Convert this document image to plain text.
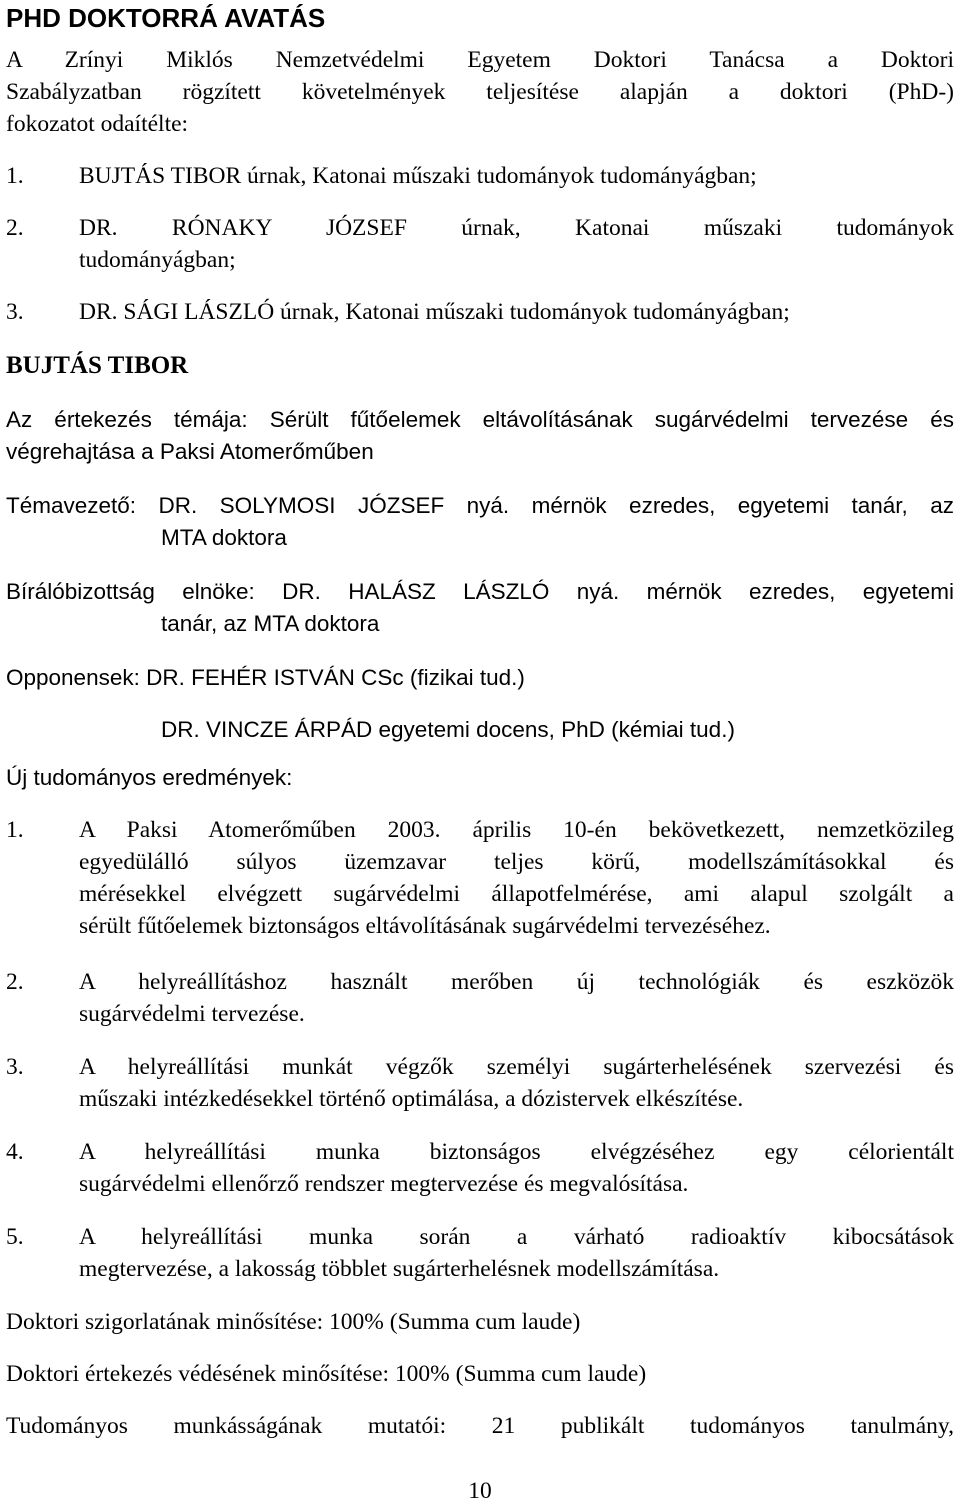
PHD DOKTORRÁ AVATÁS

A Zrínyi Miklós Nemzetvédelmi Egyetem Doktori Tanácsa a Doktori

Szabályzatban rögzített követelmények teljesítése alapján a doktori (PhD-)

fokozatot odaítélte:

1. BUJTÁS TIBOR úrnak, Katonai műszaki tudományok tudományágban;
2. DR. RÓNAKY JÓZSEF úrnak, Katonai műszaki tudományok

tudományágban;

3. DR. SÁGI LÁSZLÓ úrnak, Katonai műszaki tudományok tudományágban;

BUJTÁS TIBOR

Az értekezés témája: Sérült fűtőelemek eltávolításának sugárvédelmi tervezése és

végrehajtása a Paksi Atomerőműben

Témavezető: DR. SOLYMOSI JÓZSEF nyá. mérnök ezredes, egyetemi tanár, az

MTA doktora

Bírálóbizottság elnöke: DR. HALÁSZ LÁSZLÓ nyá. mérnök ezredes, egyetemi

tanár, az MTA doktora

Opponensek: DR. FEHÉR ISTVÁN CSc (fizikai tud.)

DR. VINCZE ÁRPÁD egyetemi docens, PhD (kémiai tud.)

Új tudományos eredmények:

1. A Paksi Atomerőműben 2003. április 10-én bekövetkezett, nemzetközileg

egyedülálló súlyos üzemzavar teljes körű, modellszámításokkal és

mérésekkel elvégzett sugárvédelmi állapotfelmérése, ami alapul szolgált a

sérült fűtőelemek biztonságos eltávolításának sugárvédelmi tervezéséhez.

2. A helyreállításhoz használt merőben új technológiák és eszközök

sugárvédelmi tervezése.

3. A helyreállítási munkát végzők személyi sugárterhelésének szervezési és

műszaki intézkedésekkel történő optimálása, a dózistervek elkészítése.

4. A helyreállítási munka biztonságos elvégzéséhez egy célorientált

sugárvédelmi ellenőrző rendszer megtervezése és megvalósítása.

5. A helyreállítási munka során a várható radioaktív kibocsátások

megtervezése, a lakosság többlet sugárterhelésnek modellszámítása.

Doktori szigorlatának minősítése: 100% (Summa cum laude)

Doktori értekezés védésének minősítése: 100% (Summa cum laude)

Tudományos munkásságának mutatói: 21 publikált tudományos tanulmány,

10
